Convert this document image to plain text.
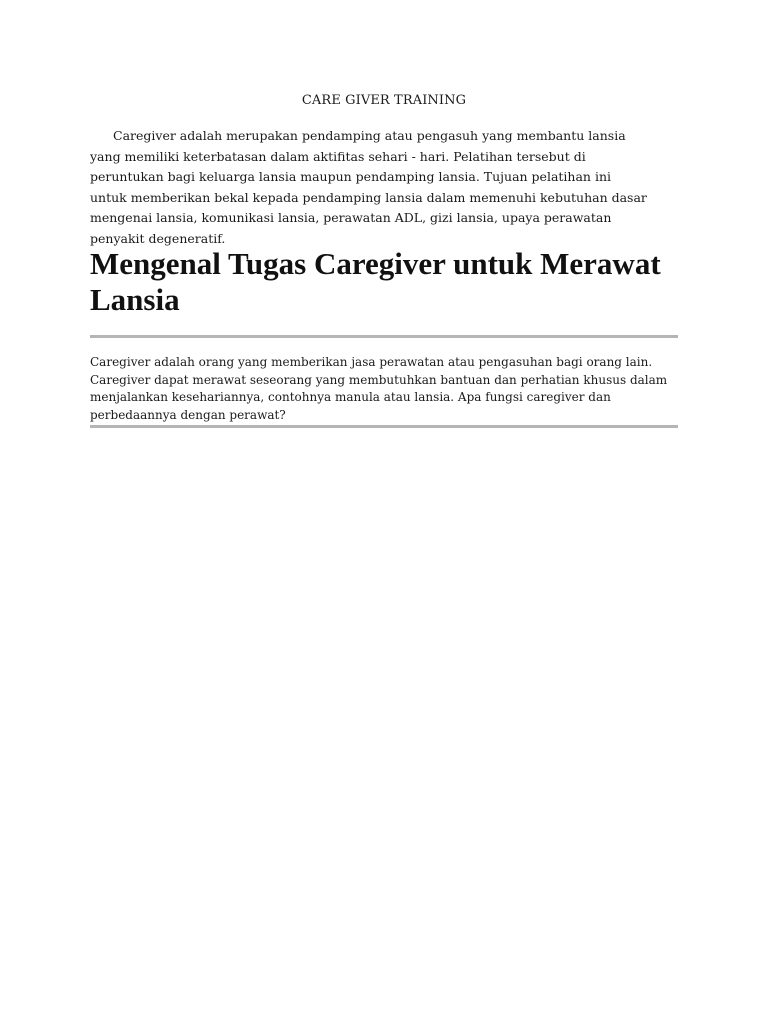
CARE GIVER TRAINING

Caregiver adalah merupakan pendamping atau pengasuh yang membantu lansia yang memiliki keterbatasan dalam aktifitas sehari - hari. Pelatihan tersebut di peruntukan bagi keluarga lansia maupun pendamping lansia. Tujuan pelatihan ini untuk memberikan bekal kepada pendamping lansia dalam memenuhi kebutuhan dasar mengenai lansia, komunikasi lansia, perawatan ADL, gizi lansia, upaya perawatan penyakit degeneratif.

Mengenal Tugas Caregiver untuk Merawat Lansia

Caregiver adalah orang yang memberikan jasa perawatan atau pengasuhan bagi orang lain. Caregiver dapat merawat seseorang yang membutuhkan bantuan dan perhatian khusus dalam menjalankan kesehariannya, contohnya manula atau lansia. Apa fungsi caregiver dan perbedaannya dengan perawat?
